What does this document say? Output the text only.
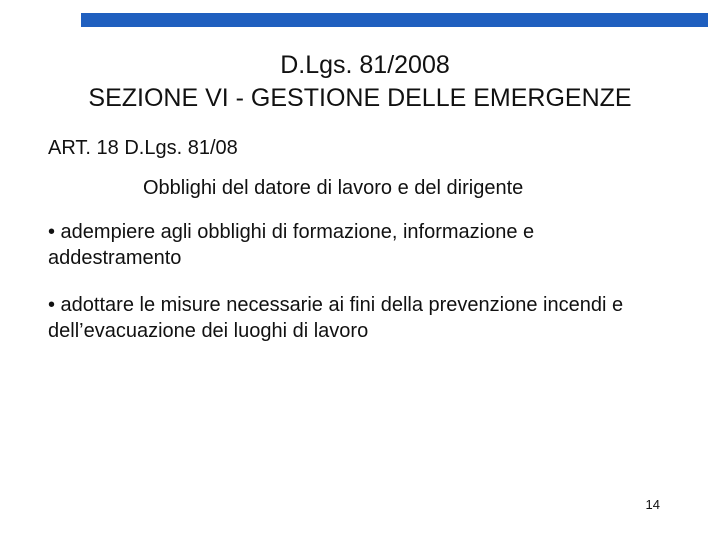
D.Lgs. 81/2008
SEZIONE VI - GESTIONE DELLE EMERGENZE
ART. 18 D.Lgs. 81/08
Obblighi del datore di lavoro e del dirigente
• adempiere agli obblighi di formazione, informazione e addestramento
• adottare le misure necessarie ai fini della prevenzione incendi e dell’evacuazione dei luoghi di lavoro
14
